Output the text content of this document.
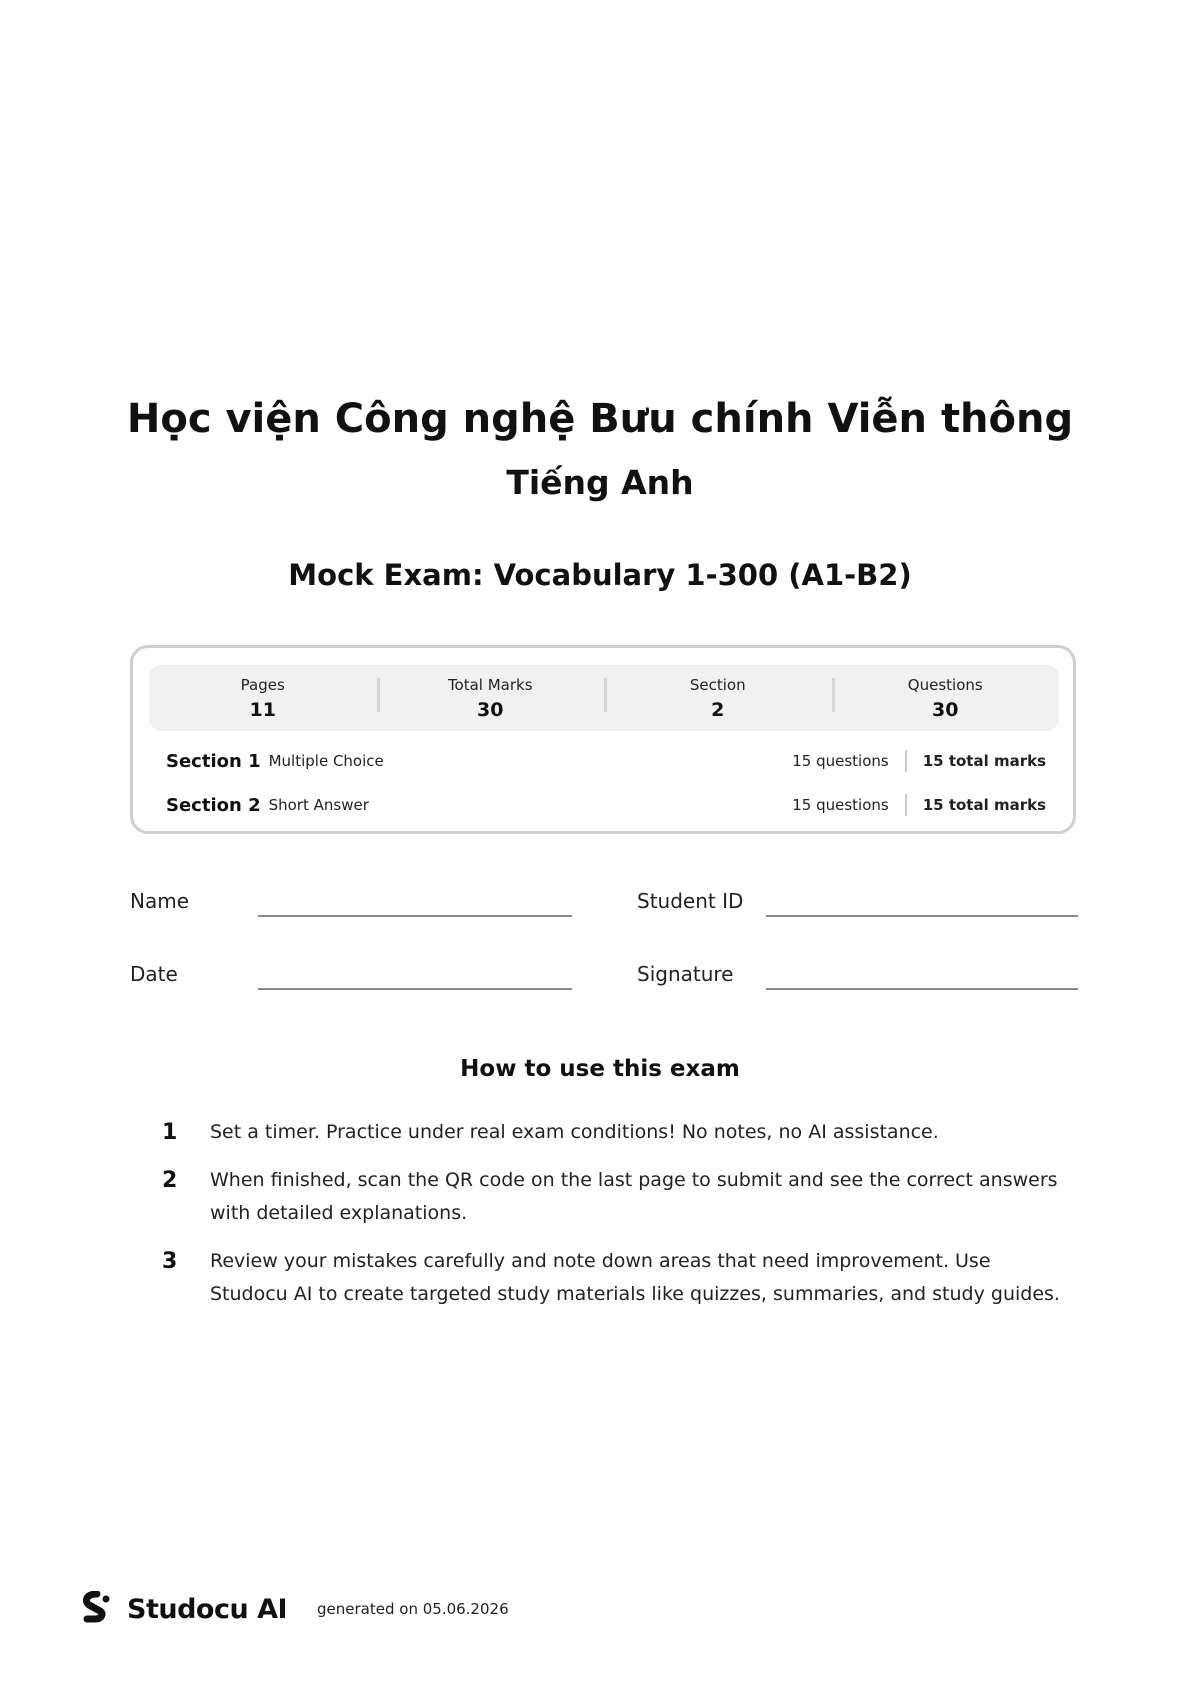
Học viện Công nghệ Bưu chính Viễn thông
Tiếng Anh
Mock Exam: Vocabulary 1-300 (A1-B2)
Pages
11
Total Marks
30
Section
2
Questions
30
Section 1 Multiple Choice	15 questions	15 total marks
Section 2 Short Answer	15 questions	15 total marks
Name	Student ID
Date	Signature
How to use this exam
1 Set a timer. Practice under real exam conditions! No notes, no AI assistance.
2 When finished, scan the QR code on the last page to submit and see the correct answers with detailed explanations.
3 Review your mistakes carefully and note down areas that need improvement. Use Studocu AI to create targeted study materials like quizzes, summaries, and study guides.
Studocu AI generated on 05.06.2026
